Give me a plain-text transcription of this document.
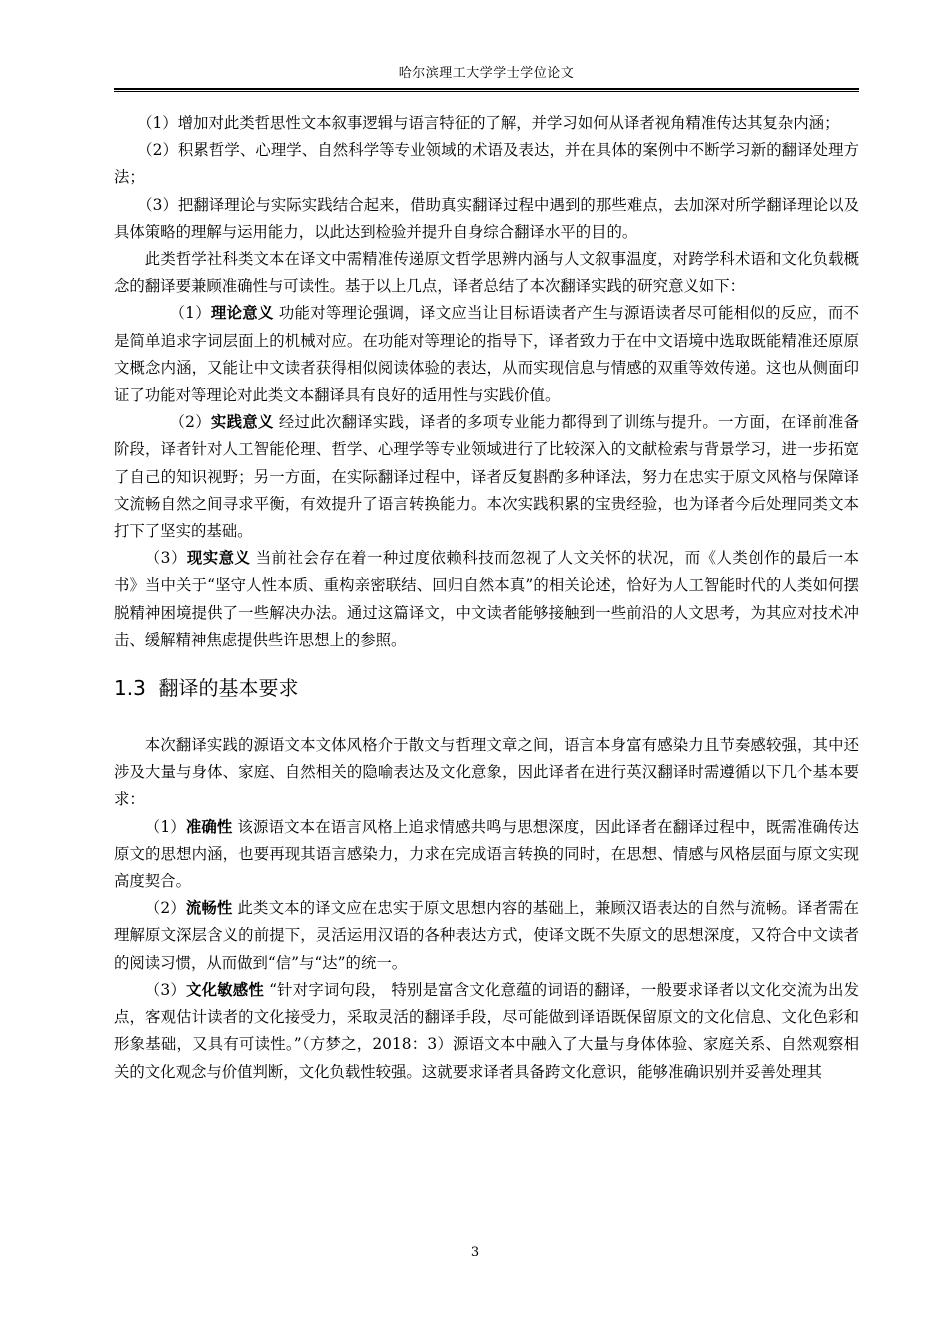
哈尔滨理工大学学士学位论文

（1）增加对此类哲思性文本叙事逻辑与语言特征的了解，并学习如何从译者视角精准传达其复杂内涵；

（2）积累哲学、心理学、自然科学等专业领域的术语及表达，并在具体的案例中不断学习新的翻译处理方法；

（3）把翻译理论与实际实践结合起来，借助真实翻译过程中遇到的那些难点，去加深对所学翻译理论以及具体策略的理解与运用能力，以此达到检验并提升自身综合翻译水平的目的。

此类哲学社科类文本在译文中需精准传递原文哲学思辨内涵与人文叙事温度，对跨学科术语和文化负载概念的翻译要兼顾准确性与可读性。基于以上几点，译者总结了本次翻译实践的研究意义如下：

（1）理论意义 功能对等理论强调，译文应当让目标语读者产生与源语读者尽可能相似的反应，而不是简单追求字词层面上的机械对应。在功能对等理论的指导下，译者致力于在中文语境中选取既能精准还原原文概念内涵，又能让中文读者获得相似阅读体验的表达，从而实现信息与情感的双重等效传递。这也从侧面印证了功能对等理论对此类文本翻译具有良好的适用性与实践价值。

（2）实践意义 经过此次翻译实践，译者的多项专业能力都得到了训练与提升。一方面，在译前准备阶段，译者针对人工智能伦理、哲学、心理学等专业领域进行了比较深入的文献检索与背景学习，进一步拓宽了自己的知识视野；另一方面，在实际翻译过程中，译者反复斟酌多种译法，努力在忠实于原文风格与保障译文流畅自然之间寻求平衡，有效提升了语言转换能力。本次实践积累的宝贵经验，也为译者今后处理同类文本打下了坚实的基础。

（3）现实意义 当前社会存在着一种过度依赖科技而忽视了人文关怀的状况，而《人类创作的最后一本书》当中关于“坚守人性本质、重构亲密联结、回归自然本真”的相关论述，恰好为人工智能时代的人类如何摆脱精神困境提供了一些解决办法。通过这篇译文，中文读者能够接触到一些前沿的人文思考，为其应对技术冲击、缓解精神焦虑提供些许思想上的参照。

1.3 翻译的基本要求

本次翻译实践的源语文本文体风格介于散文与哲理文章之间，语言本身富有感染力且节奏感较强，其中还涉及大量与身体、家庭、自然相关的隐喻表达及文化意象，因此译者在进行英汉翻译时需遵循以下几个基本要求：

（1）准确性 该源语文本在语言风格上追求情感共鸣与思想深度，因此译者在翻译过程中，既需准确传达原文的思想内涵，也要再现其语言感染力，力求在完成语言转换的同时，在思想、情感与风格层面与原文实现高度契合。

（2）流畅性 此类文本的译文应在忠实于原文思想内容的基础上，兼顾汉语表达的自然与流畅。译者需在理解原文深层含义的前提下，灵活运用汉语的各种表达方式，使译文既不失原文的思想深度，又符合中文读者的阅读习惯，从而做到“信”与“达”的统一。

（3）文化敏感性 “针对字词句段， 特别是富含文化意蕴的词语的翻译，一般要求译者以文化交流为出发点，客观估计读者的文化接受力，采取灵活的翻译手段，尽可能做到译语既保留原文的文化信息、文化色彩和形象基础，又具有可读性。”（方梦之，2018：3）源语文本中融入了大量与身体体验、家庭关系、自然观察相关的文化观念与价值判断，文化负载性较强。这就要求译者具备跨文化意识，能够准确识别并妥善处理其

3
